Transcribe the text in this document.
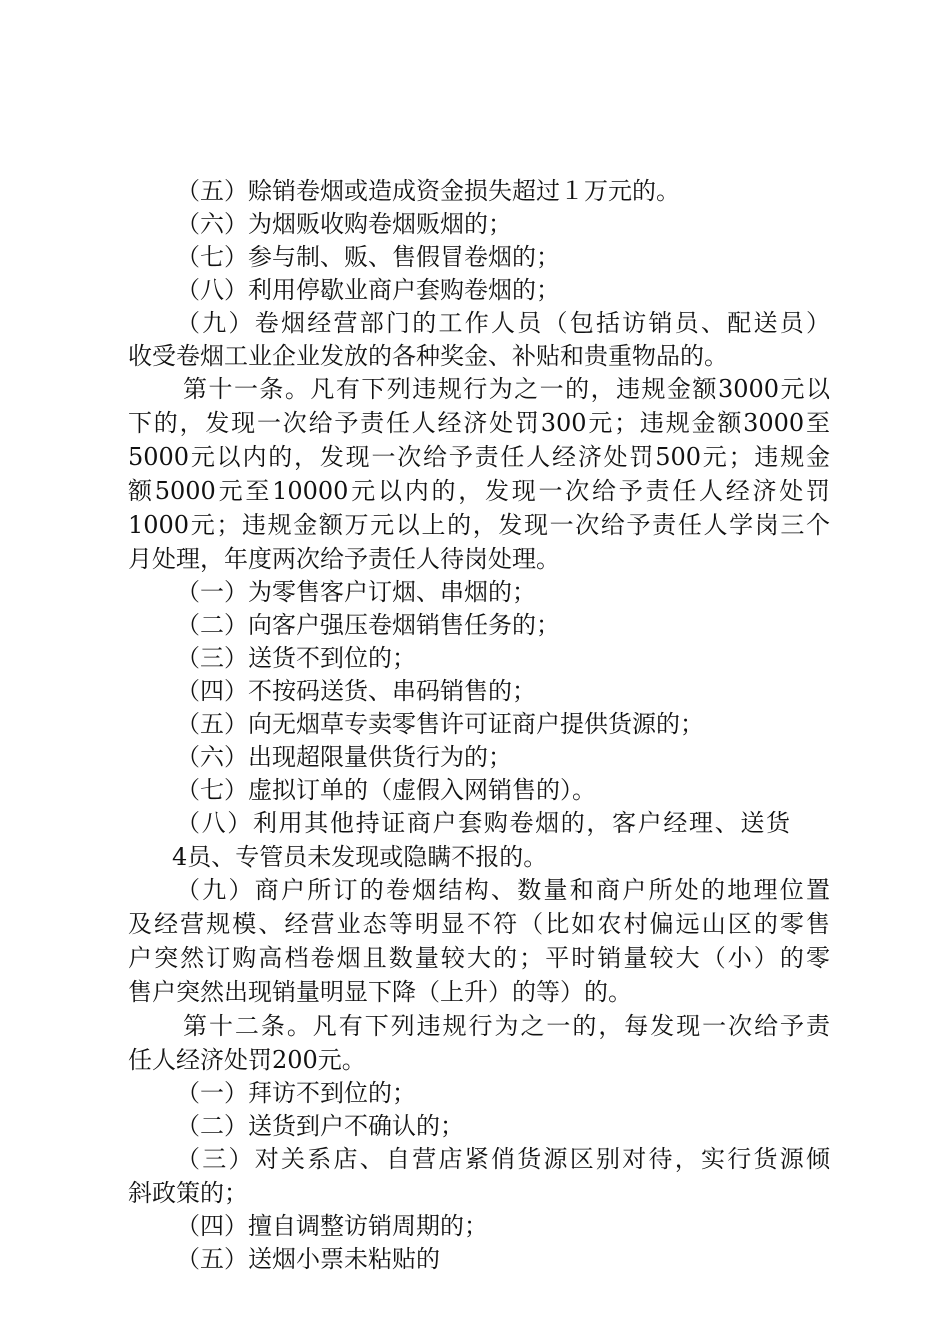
（五）赊销卷烟或造成资金损失超过１万元的。
（六）为烟贩收购卷烟贩烟的；
（七）参与制、贩、售假冒卷烟的；
（八）利用停歇业商户套购卷烟的；
（九）卷烟经营部门的工作人员（包括访销员、配送员）
收受卷烟工业企业发放的各种奖金、补贴和贵重物品的。
第十一条。凡有下列违规行为之一的，违规金额3000元以
下的，发现一次给予责任人经济处罚300元；违规金额3000至
5000元以内的，发现一次给予责任人经济处罚500元；违规金
额5000元至10000元以内的，发现一次给予责任人经济处罚
1000元；违规金额万元以上的，发现一次给予责任人学岗三个
月处理，年度两次给予责任人待岗处理。
（一）为零售客户订烟、串烟的；
（二）向客户强压卷烟销售任务的；
（三）送货不到位的；
（四）不按码送货、串码销售的；
（五）向无烟草专卖零售许可证商户提供货源的；
（六）出现超限量供货行为的；
（七）虚拟订单的（虚假入网销售的）。
（八）利用其他持证商户套购卷烟的，客户经理、送货
4员、专管员未发现或隐瞒不报的。
（九）商户所订的卷烟结构、数量和商户所处的地理位置
及经营规模、经营业态等明显不符（比如农村偏远山区的零售
户突然订购高档卷烟且数量较大的；平时销量较大（小）的零
售户突然出现销量明显下降（上升）的等）的。
第十二条。凡有下列违规行为之一的，每发现一次给予责
任人经济处罚200元。
（一）拜访不到位的；
（二）送货到户不确认的；
（三）对关系店、自营店紧俏货源区别对待，实行货源倾
斜政策的；
（四）擅自调整访销周期的；
（五）送烟小票未粘贴的
